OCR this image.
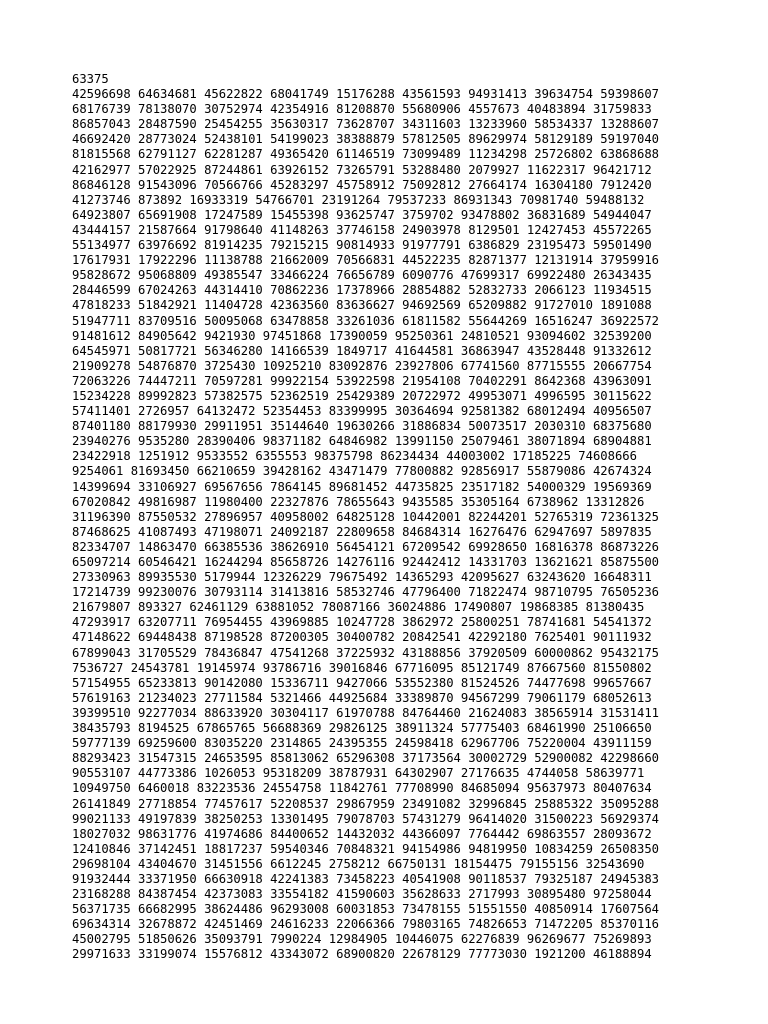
63375
42596698 64634681 45622822 68041749 15176288 43561593 94931413 39634754 59398607
68176739 78138070 30752974 42354916 81208870 55680906 4557673 40483894 31759833
86857043 28487590 25454255 35630317 73628707 34311603 13233960 58534337 13288607
46692420 28773024 52438101 54199023 38388879 57812505 89629974 58129189 59197040
81815568 62791127 62281287 49365420 61146519 73099489 11234298 25726802 63868688
42162977 57022925 87244861 63926152 73265791 53288480 2079927 11622317 96421712
86846128 91543096 70566766 45283297 45758912 75092812 27664174 16304180 7912420
41273746 873892 16933319 54766701 23191264 79537233 86931343 70981740 59488132
64923807 65691908 17247589 15455398 93625747 3759702 93478802 36831689 54944047
43444157 21587664 91798640 41148263 37746158 24903978 8129501 12427453 45572265
55134977 63976692 81914235 79215215 90814933 91977791 6386829 23195473 59501490
17617931 17922296 11138788 21662009 70566831 44522235 82871377 12131914 37959916
95828672 95068809 49385547 33466224 76656789 6090776 47699317 69922480 26343435
28446599 67024263 44314410 70862236 17378966 28854882 52832733 2066123 11934515
47818233 51842921 11404728 42363560 83636627 94692569 65209882 91727010 1891088
51947711 83709516 50095068 63478858 33261036 61811582 55644269 16516247 36922572
91481612 84905642 9421930 97451868 17390059 95250361 24810521 93094602 32539200
64545971 50817721 56346280 14166539 1849717 41644581 36863947 43528448 91332612
21909278 54876870 3725430 10925210 83092876 23927806 67741560 87715555 20667754
72063226 74447211 70597281 99922154 53922598 21954108 70402291 8642368 43963091
15234228 89992823 57382575 52362519 25429389 20722972 49953071 4996595 30115622
57411401 2726957 64132472 52354453 83399995 30364694 92581382 68012494 40956507
87401180 88179930 29911951 35144640 19630266 31886834 50073517 2030310 68375680
23940276 9535280 28390406 98371182 64846982 13991150 25079461 38071894 68904881
23422918 1251912 9533552 6355553 98375798 86234434 44003002 17185225 74608666
9254061 81693450 66210659 39428162 43471479 77800882 92856917 55879086 42674324
14399694 33106927 69567656 7864145 89681452 44735825 23517182 54000329 19569369
67020842 49816987 11980400 22327876 78655643 9435585 35305164 6738962 13312826
31196390 87550532 27896957 40958002 64825128 10442001 82244201 52765319 72361325
87468625 41087493 47198071 24092187 22809658 84684314 16276476 62947697 5897835
82334707 14863470 66385536 38626910 56454121 67209542 69928650 16816378 86873226
65097214 60546421 16244294 85658726 14276116 92442412 14331703 13621621 85875500
27330963 89935530 5179944 12326229 79675492 14365293 42095627 63243620 16648311
17214739 99230076 30793114 31413816 58532746 47796400 71822474 98710795 76505236
21679807 893327 62461129 63881052 78087166 36024886 17490807 19868385 81380435
47293917 63207711 76954455 43969885 10247728 3862972 25800251 78741681 54541372
47148622 69448438 87198528 87200305 30400782 20842541 42292180 7625401 90111932
67899043 31705529 78436847 47541268 37225932 43188856 37920509 60000862 95432175
7536727 24543781 19145974 93786716 39016846 67716095 85121749 87667560 81550802
57154955 65233813 90142080 15336711 9427066 53552380 81524526 74477698 99657667
57619163 21234023 27711584 5321466 44925684 33389870 94567299 79061179 68052613
39399510 92277034 88633920 30304117 61970788 84764460 21624083 38565914 31531411
38435793 8194525 67865765 56688369 29826125 38911324 57775403 68461990 25106650
59777139 69259600 83035220 2314865 24395355 24598418 62967706 75220004 43911159
88293423 31547315 24653595 85813062 65296308 37173564 30002729 52900082 42298660
90553107 44773386 1026053 95318209 38787931 64302907 27176635 4744058 58639771
10949750 6460018 83223536 24554758 11842761 77708990 84685094 95637973 80407634
26141849 27718854 77457617 52208537 29867959 23491082 32996845 25885322 35095288
99021133 49197839 38250253 13301495 79078703 57431279 96414020 31500223 56929374
18027032 98631776 41974686 84400652 14432032 44366097 7764442 69863557 28093672
12410846 37142451 18817237 59540346 70848321 94154986 94819950 10834259 26508350
29698104 43404670 31451556 6612245 2758212 66750131 18154475 79155156 32543690
91932444 33371950 66630918 42241383 73458223 40541908 90118537 79325187 24945383
23168288 84387454 42373083 33554182 41590603 35628633 2717993 30895480 97258044
56371735 66682995 38624486 96293008 60031853 73478155 51551550 40850914 17607564
69634314 32678872 42451469 24616233 22066366 79803165 74826653 71472205 85370116
45002795 51850626 35093791 7990224 12984905 10446075 62276839 96269677 75269893
29971633 33199074 15576812 43343072 68900820 22678129 77773030 1921200 46188894
